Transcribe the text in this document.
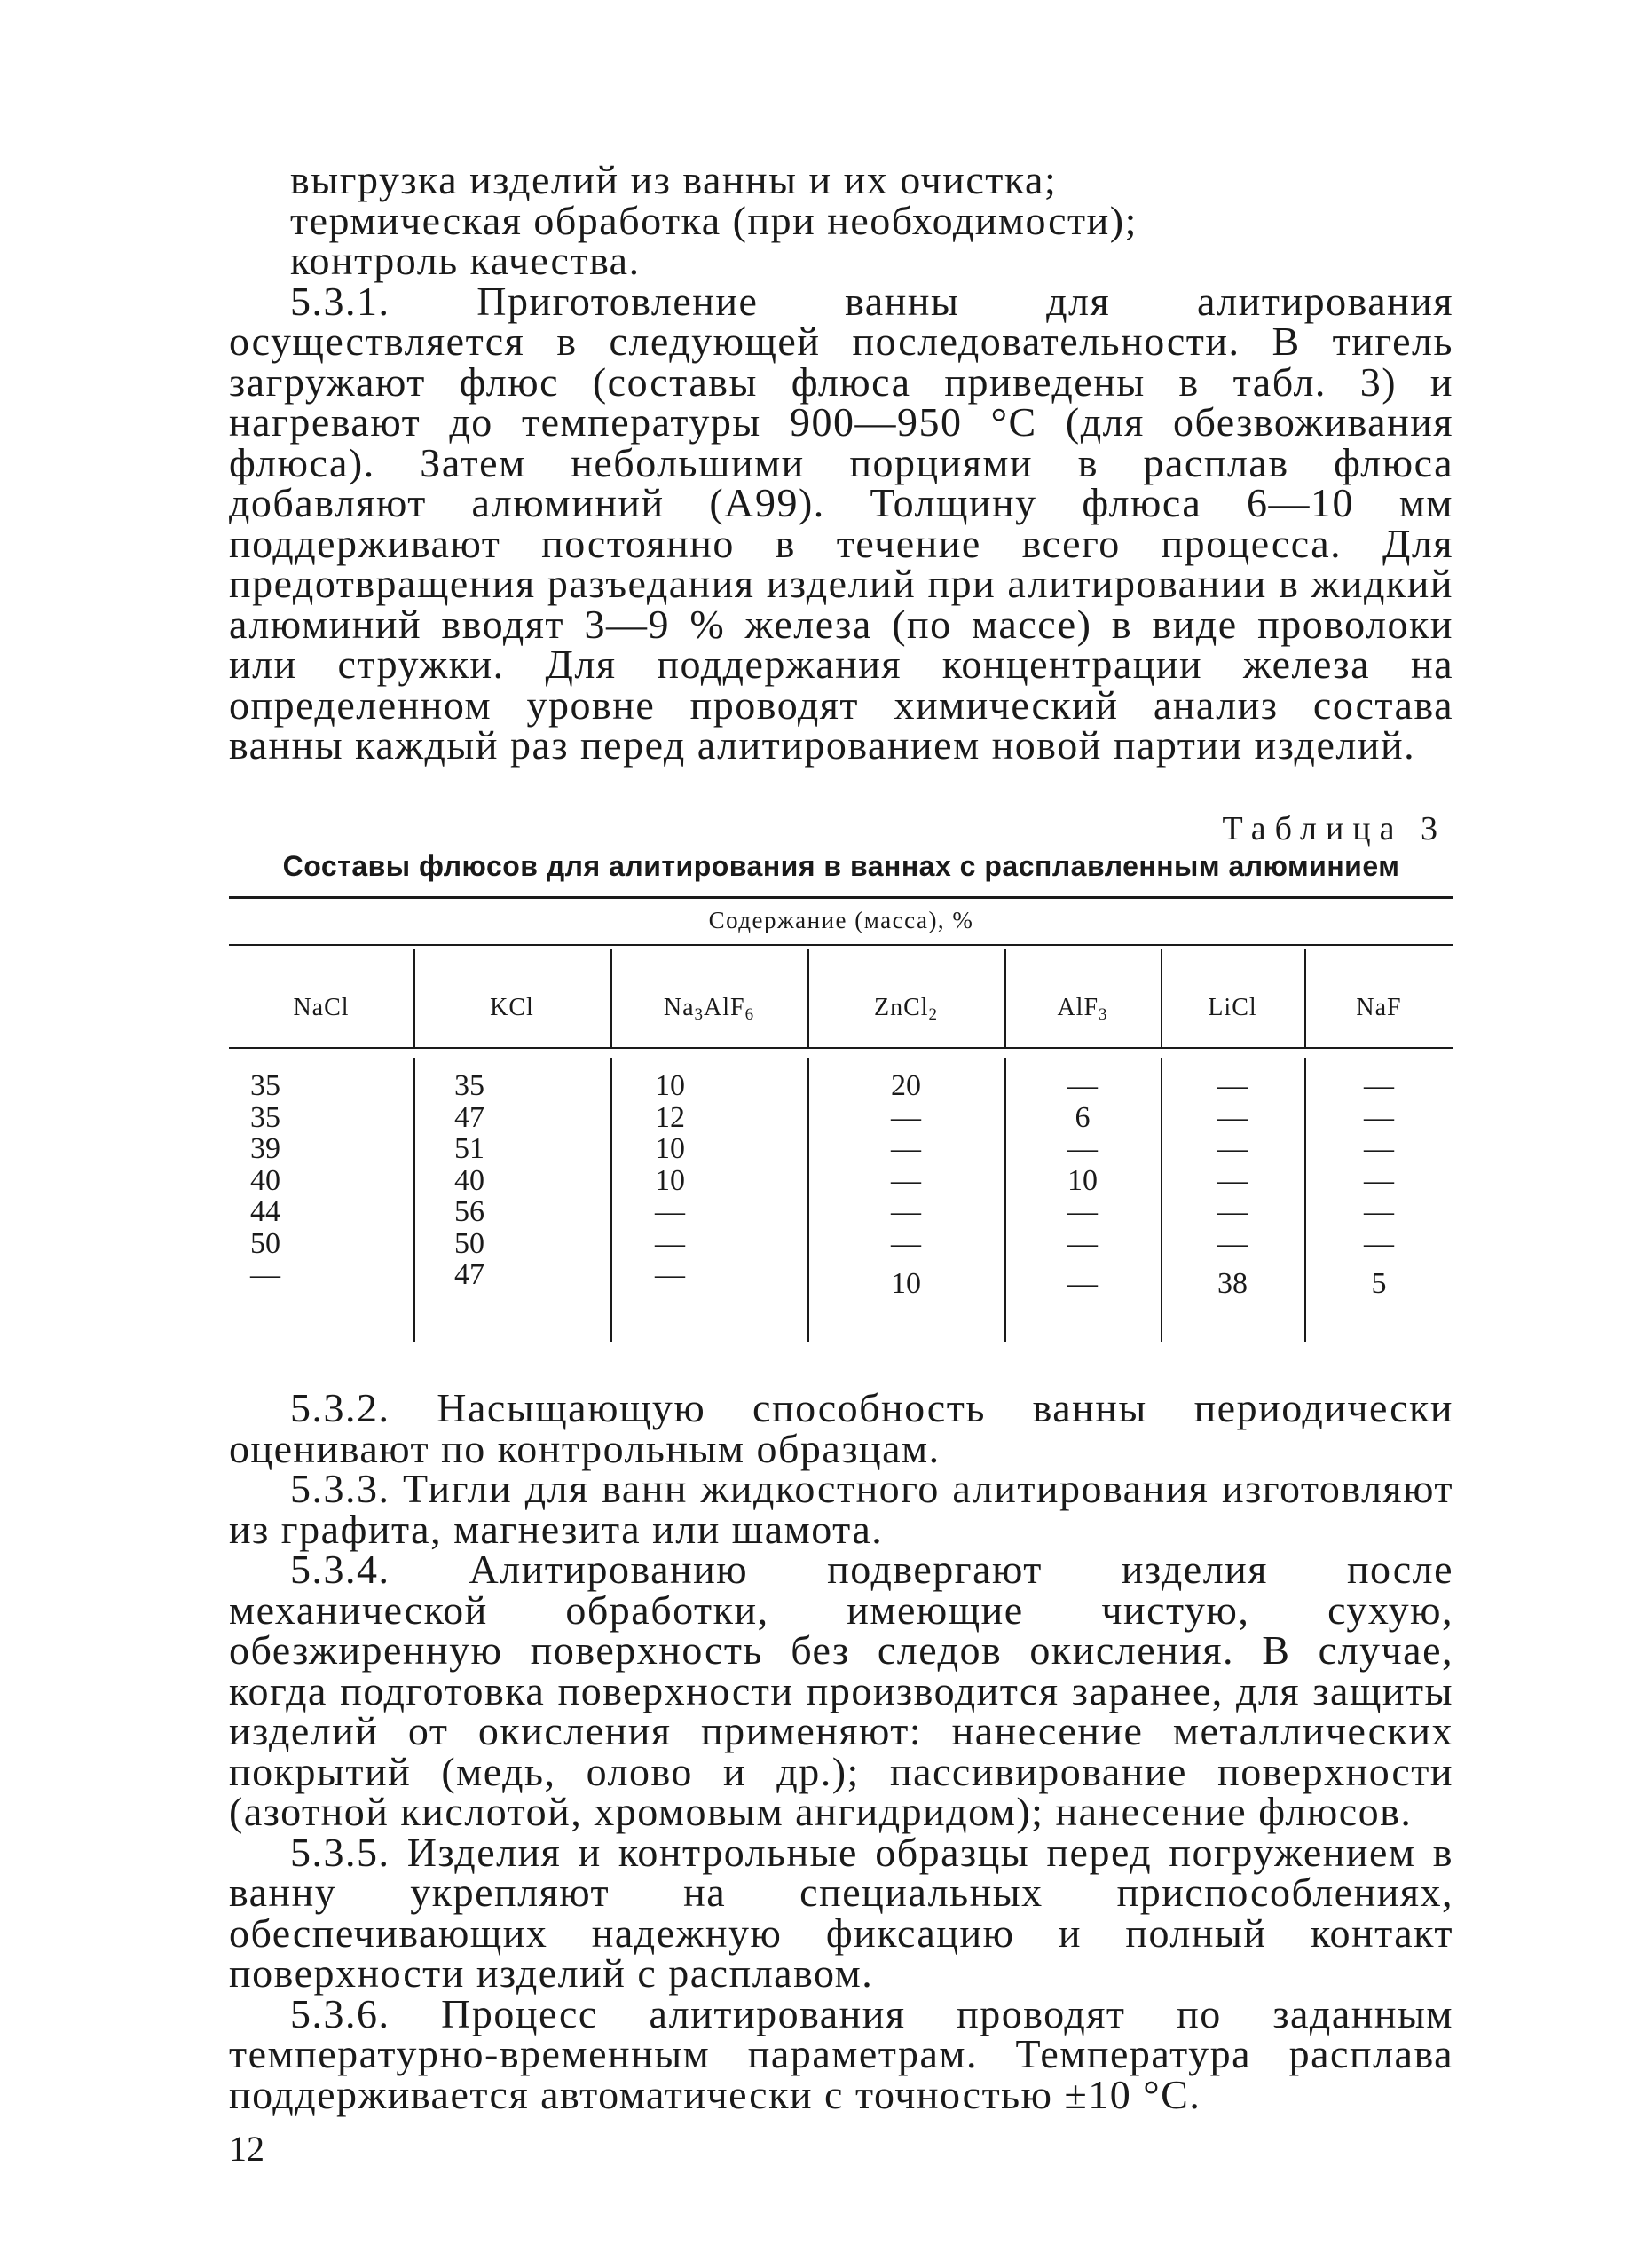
выгрузка изделий из ванны и их очистка;

термическая обработка (при необходимости);

контроль качества.

5.3.1. Приготовление ванны для алитирования осуществляется в следующей последовательности. В тигель загружают флюс (составы флюса приведены в табл. 3) и нагревают до температуры 900—950 °С (для обезвоживания флюса). Затем небольшими порциями в расплав флюса добавляют алюминий (А99). Толщину флюса 6—10 мм поддерживают постоянно в течение всего процесса. Для предотвращения разъедания изделий при алитировании в жидкий алюминий вводят 3—9 % железа (по массе) в виде проволоки или стружки. Для поддержания концентрации железа на определенном уровне проводят химический анализ состава ванны каждый раз перед алитированием новой партии изделий.

Таблица 3
Составы флюсов для алитирования в ваннах с расплавленным алюминием
Содержание (масса), %
NaCl	KCl	$Na_3AlF_6$	ZnCl$_2$	AlF$_3$	LiCl	NaF
35	35	10	20	—	—	—
35	47	12	—	6	—	—
39	51	10	—	—	—	—
40	40	10	—	10	—	—
44	56	—	—	—	—	—
50	50	—	—	—	—	—
—	47	—	10	—	38	5

5.3.2. Насыщающую способность ванны периодически оценивают по контрольным образцам.

5.3.3. Тигли для ванн жидкостного алитирования изготовляют из графита, магнезита или шамота.

5.3.4. Алитированию подвергают изделия после механической обработки, имеющие чистую, сухую, обезжиренную поверхность без следов окисления. В случае, когда подготовка поверхности производится заранее, для защиты изделий от окисления применяют: нанесение металлических покрытий (медь, олово и др.); пассивирование поверхности (азотной кислотой, хромовым ангидридом); нанесение флюсов.

5.3.5. Изделия и контрольные образцы перед погружением в ванну укрепляют на специальных приспособлениях, обеспечивающих надежную фиксацию и полный контакт поверхности изделий с расплавом.

5.3.6. Процесс алитирования проводят по заданным температурно-временным параметрам. Температура расплава поддерживается автоматически с точностью ±10 °С.

12
